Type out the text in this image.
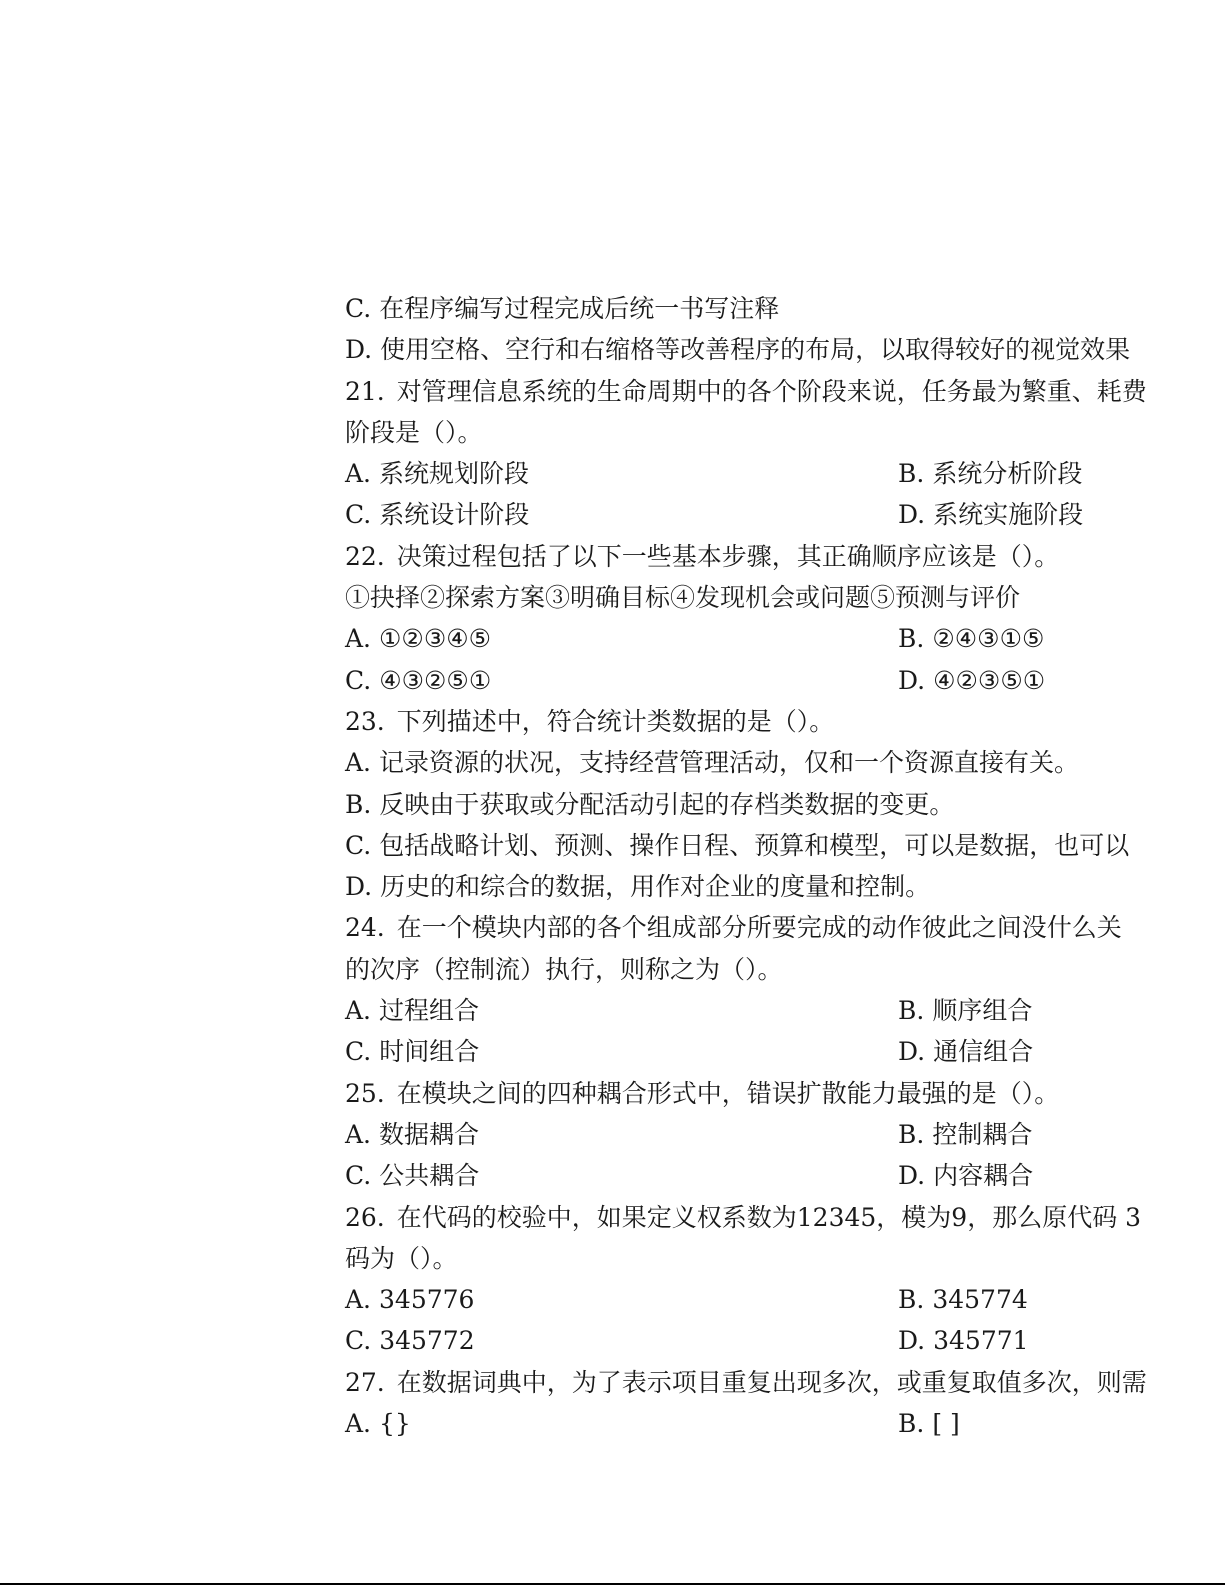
C. 在程序编写过程完成后统一书写注释
D. 使用空格、空行和右缩格等改善程序的布局，以取得较好的视觉效果
21. 对管理信息系统的生命周期中的各个阶段来说，任务最为繁重、耗费
阶段是（）。
A. 系统规划阶段	B. 系统分析阶段
C. 系统设计阶段	D. 系统实施阶段
22. 决策过程包括了以下一些基本步骤，其正确顺序应该是（）。
①抉择②探索方案③明确目标④发现机会或问题⑤预测与评价
A. ①②③④⑤	B. ②④③①⑤
C. ④③②⑤①	D. ④②③⑤①
23. 下列描述中，符合统计类数据的是（）。
A. 记录资源的状况，支持经营管理活动，仅和一个资源直接有关。
B. 反映由于获取或分配活动引起的存档类数据的变更。
C. 包括战略计划、预测、操作日程、预算和模型，可以是数据，也可以
D. 历史的和综合的数据，用作对企业的度量和控制。
24. 在一个模块内部的各个组成部分所要完成的动作彼此之间没什么关
的次序（控制流）执行，则称之为（）。
A. 过程组合	B. 顺序组合
C. 时间组合	D. 通信组合
25. 在模块之间的四种耦合形式中，错误扩散能力最强的是（）。
A. 数据耦合	B. 控制耦合
C. 公共耦合	D. 内容耦合
26. 在代码的校验中，如果定义权系数为12345，模为9，那么原代码 3
码为（）。
A. 345776	B. 345774
C. 345772	D. 345771
27. 在数据词典中，为了表示项目重复出现多次，或重复取值多次，则需
A. {}	B. [ ]
